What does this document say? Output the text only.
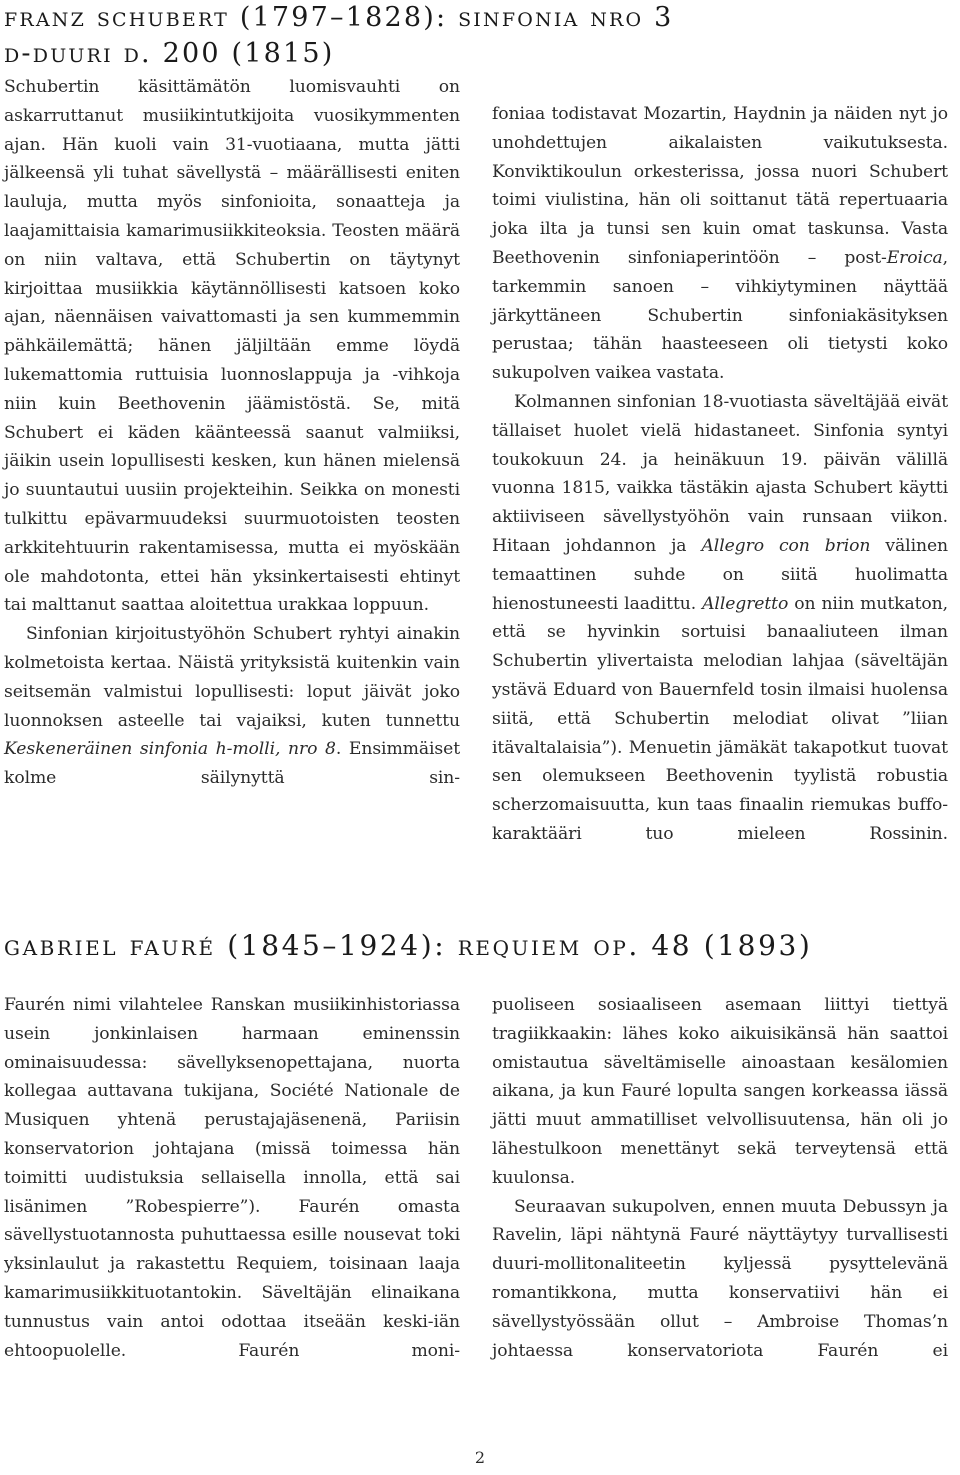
franz schubert (1797–1828): sinfonia nro 3
d-duuri d. 200 (1815)

Schubertin käsittämätön luomisvauhti on askarruttanut musiikintutkijoita vuosikymmenten ajan. Hän kuoli vain 31-vuotiaana, mutta jätti jälkeensä yli tuhat sävellystä – määrällisesti eniten lauluja, mutta myös sinfonioita, sonaatteja ja laajamittaisia kamarimusiikkiteoksia. Teosten määrä on niin valtava, että Schubertin on täytynyt kirjoittaa musiikkia käytännöllisesti katsoen koko ajan, näennäisen vaivattomasti ja sen kummemmin pähkäilemättä; hänen jäljiltään emme löydä lukemattomia ruttuisia luonnoslappuja ja -vihkoja niin kuin Beethovenin jäämistöstä. Se, mitä Schubert ei käden käänteessä saanut valmiiksi, jäikin usein lopullisesti kesken, kun hänen mielensä jo suuntautui uusiin projekteihin. Seikka on monesti tulkittu epävarmuudeksi suurmuotoisten teosten arkkitehtuurin rakentamisessa, mutta ei myöskään ole mahdotonta, ettei hän yksinkertaisesti ehtinyt tai malttanut saattaa aloitettua urakkaa loppuun.

Sinfonian kirjoitustyöhön Schubert ryhtyi ainakin kolmetoista kertaa. Näistä yrityksistä kuitenkin vain seitsemän valmistui lopullisesti: loput jäivät joko luonnoksen asteelle tai vajaiksi, kuten tunnettu Keskeneräinen sinfonia h-molli, nro 8. Ensimmäiset kolme säilynyttä sin-

2

foniaa todistavat Mozartin, Haydnin ja näiden nyt jo unohdettujen aikalaisten vaikutuksesta. Konviktikoulun orkesterissa, jossa nuori Schubert toimi viulistina, hän oli soittanut tätä repertuaaria joka ilta ja tunsi sen kuin omat taskunsa. Vasta Beethovenin sinfoniaperintöön – post-Eroica, tarkemmin sanoen – vihkiytyminen näyttää järkyttäneen Schubertin sinfoniakäsityksen perustaa; tähän haasteeseen oli tietysti koko sukupolven vaikea vastata.

Kolmannen sinfonian 18-vuotiasta säveltäjää eivät tällaiset huolet vielä hidastaneet. Sinfonia syntyi toukokuun 24. ja heinäkuun 19. päivän välillä vuonna 1815, vaikka tästäkin ajasta Schubert käytti aktiiviseen sävellystyöhön vain runsaan viikon. Hitaan johdannon ja Allegro con brion välinen temaattinen suhde on siitä huolimatta hienostuneesti laadittu. Allegretto on niin mutkaton, että se hyvinkin sortuisi banaaliuteen ilman Schubertin ylivertaista melodian lahjaa (säveltäjän ystävä Eduard von Bauernfeld tosin ilmaisi huolensa siitä, että Schubertin melodiat olivat ”liian itävaltalaisia”). Menuetin jämäkät takapotkut tuovat sen olemukseen Beethovenin tyylistä robustia scherzomaisuutta, kun taas finaalin riemukas buffo-karaktääri tuo mieleen Rossinin.

gabriel fauré (1845–1924): requiem op. 48 (1893)

Faurén nimi vilahtelee Ranskan musiikinhistoriassa usein jonkinlaisen harmaan eminenssin ominaisuudessa: sävellyksenopettajana, nuorta kollegaa auttavana tukijana, Société Nationale de Musiquen yhtenä perustajajäsenenä, Pariisin konservatorion johtajana (missä toimessa hän toimitti uudistuksia sellaisella innolla, että sai lisänimen ”Robespierre”). Faurén omasta sävellystuotannosta puhuttaessa esille nousevat toki yksinlaulut ja rakastettu Requiem, toisinaan laaja kamarimusiikkituotantokin. Säveltäjän elinaikana tunnustus vain antoi odottaa itseään keski-iän ehtoopuolelle. Faurén moni-

puoliseen sosiaaliseen asemaan liittyi tiettyä tragiikkaakin: lähes koko aikuisikänsä hän saattoi omistautua säveltämiselle ainoastaan kesälomien aikana, ja kun Fauré lopulta sangen korkeassa iässä jätti muut ammatilliset velvollisuutensa, hän oli jo lähestulkoon menettänyt sekä terveytensä että kuulonsa.

Seuraavan sukupolven, ennen muuta Debussyn ja Ravelin, läpi nähtynä Fauré näyttäytyy turvallisesti duuri-mollitonaliteetin kyljessä pysyttelevänä romantikkona, mutta konservatiivi hän ei sävellystyössään ollut – Ambroise Thomas’n johtaessa konservatoriota Faurén ei
